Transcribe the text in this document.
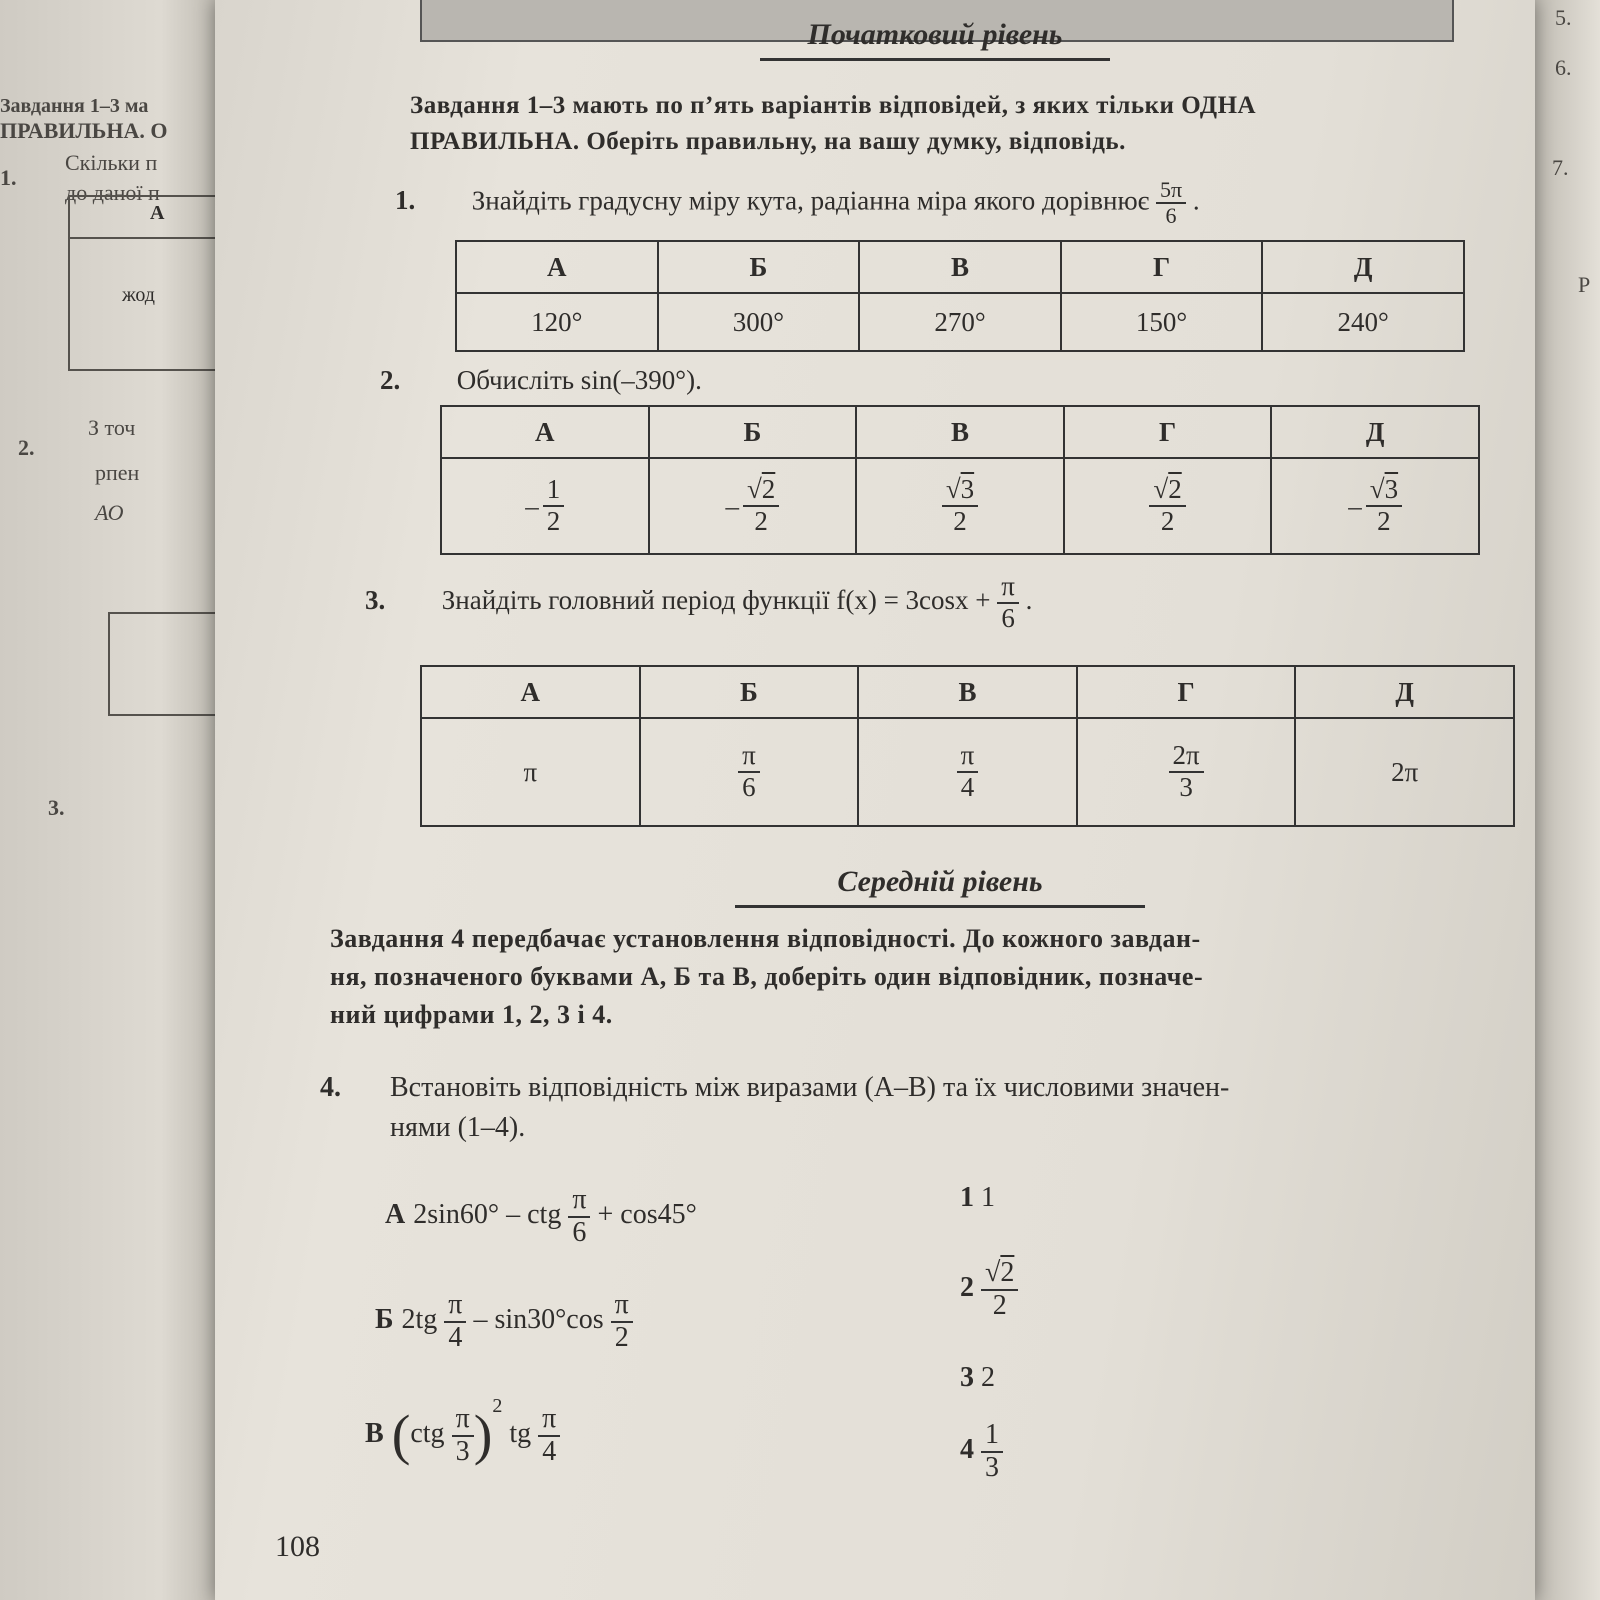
Завдання 1–3 ма
ПРАВИЛЬНА. О
1.
Скільки п
до даної п
А
жод
2.
З точ
рпен
АО
3.
5.
6.
7.
Р
Початковий рівень
Завдання 1–3 мають по п’ять варіантів відповідей, з яких тільки ОДНА
ПРАВИЛЬНА. Оберіть правильну, на вашу думку, відповідь.
1. Знайдіть градусну міру кута, радіанна міра якого дорівнює $\frac{5\pi}{6}$ .
А	Б	В	Г	Д
120°	300°	270°	150°	240°
2. Обчисліть sin(–390°).
А	Б	В	Г	Д
– $\frac{1}{2}$	– $\frac{√2}{2}$	$\frac{√3}{2}$	$\frac{√2}{2}$	– $\frac{√3}{2}$
3. Знайдіть головний період функції $f(x) = 3\cos x + \frac{\pi}{6}$ .
А	Б	В	Г	Д
π	$\frac{\pi}{6}$	$\frac{\pi}{4}$	$\frac{2\pi}{3}$	2π
Середній рівень
Завдання 4 передбачає установлення відповідності. До кожного завдан-
ня, позначеного буквами А, Б та В, доберіть один відповідник, позначе-
ний цифрами 1, 2, 3 і 4.
4. Встановіть відповідність між виразами (А–В) та їх числовими значен-
нями (1–4).
А 2sin60° – ctg $\frac{\pi}{6} + \cos 45^\circ$
Б $2tg \frac{\pi}{4} - \sin 30^\circ\cos \frac{\pi}{2}$
В $(ctg \frac{\pi}{3} )^2$ tg $\frac{\pi}{4}$
1 1
$2 \frac{√2}{2}$
3 2
$4 \frac{1}{3}$
108
